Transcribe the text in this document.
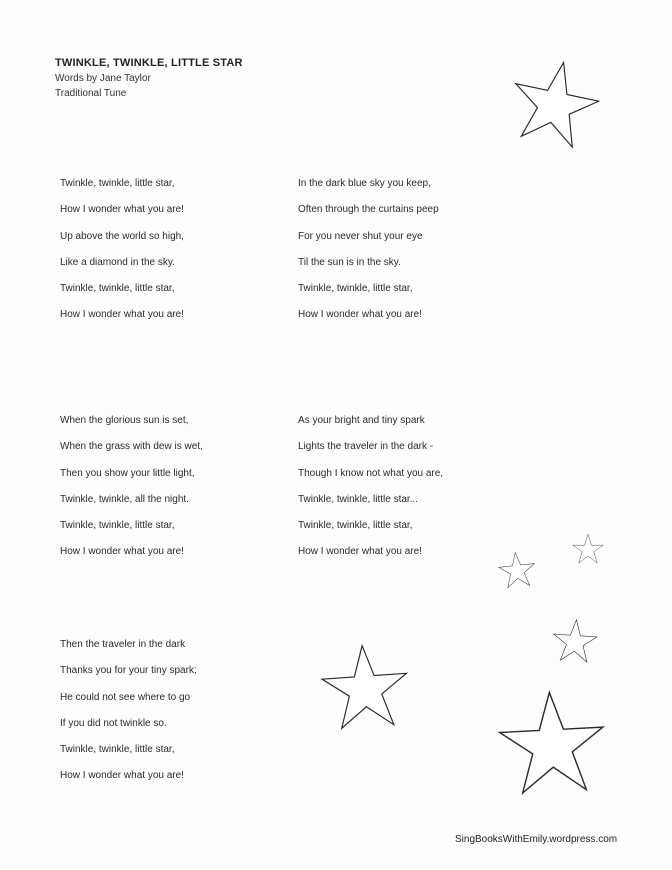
TWINKLE, TWINKLE, LITTLE STAR

Words by Jane Taylor

Traditional Tune

Twinkle, twinkle, little star,
How I wonder what you are!
Up above the world so high,
Like a diamond in the sky.
Twinkle, twinkle, little star,
How I wonder what you are!
In the dark blue sky you keep,
Often through the curtains peep
For you never shut your eye
Til the sun is in the sky.
Twinkle, twinkle, little star,
How I wonder what you are!
When the glorious sun is set,
When the grass with dew is wet,
Then you show your little light,
Twinkle, twinkle, all the night.
Twinkle, twinkle, little star,
How I wonder what you are!
As your bright and tiny spark
Lights the traveler in the dark -
Though I know not what you are,
Twinkle, twinkle, little star...
Twinkle, twinkle, little star,
How I wonder what you are!
Then the traveler in the dark
Thanks you for your tiny spark;
He could not see where to go
If you did not twinkle so.
Twinkle, twinkle, little star,
How I wonder what you are!
SingBooksWithEmily.wordpress.com
